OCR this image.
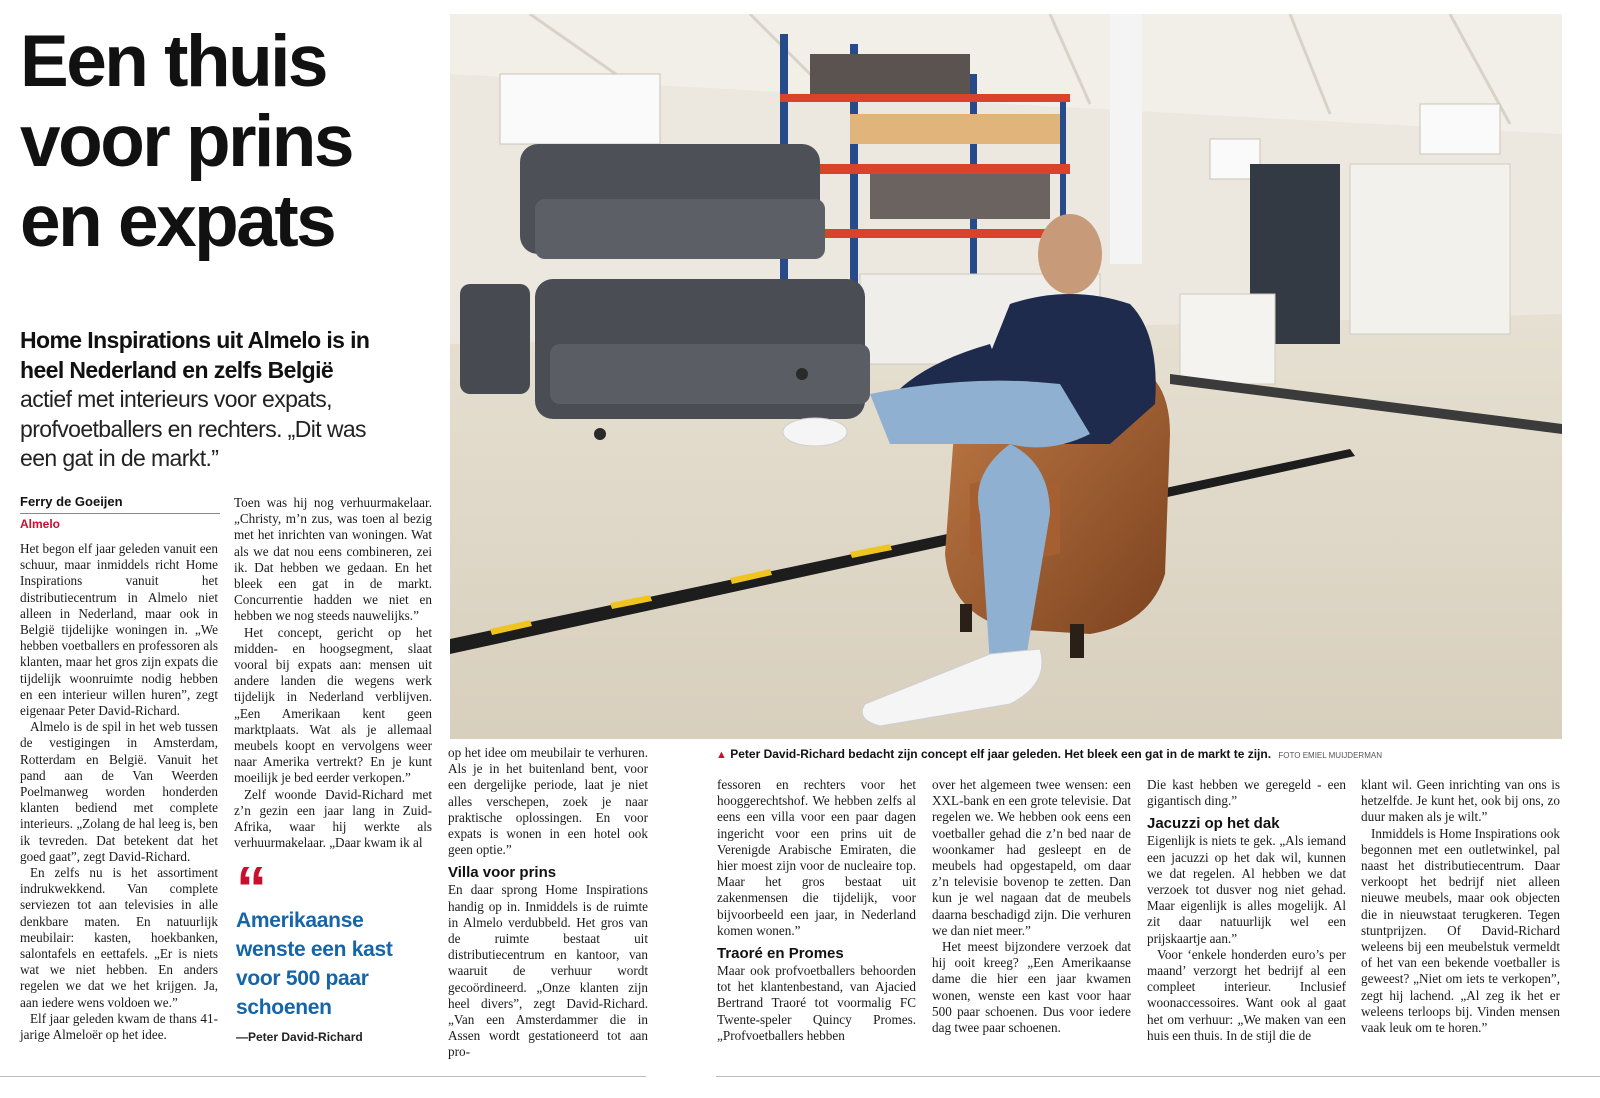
Een thuis
voor prins
en expats
Home Inspirations uit Almelo is in
heel Nederland en zelfs België
actief met interieurs voor expats,
profvoetballers en rechters. „Dit was
een gat in de markt.”
Ferry de Goeijen
Almelo

Het begon elf jaar geleden vanuit een schuur, maar inmiddels richt Home Inspirations vanuit het distributiecentrum in Almelo niet alleen in Nederland, maar ook in België tijdelijke woningen in. „We hebben voetballers en professoren als klanten, maar het gros zijn expats die tijdelijk woonruimte nodig hebben en een interieur willen huren”, zegt eigenaar Peter David-Richard.

Almelo is de spil in het web tussen de vestigingen in Amsterdam, Rotterdam en België. Vanuit het pand aan de Van Weerden Poelmanweg worden honderden klanten bediend met complete interieurs. „Zolang de hal leeg is, ben ik tevreden. Dat betekent dat het goed gaat”, zegt David-Richard.

En zelfs nu is het assortiment indrukwekkend. Van complete serviezen tot aan televisies in alle denkbare maten. En natuurlijk meubilair: kasten, hoekbanken, salontafels en eettafels. „Er is niets wat we niet hebben. En anders regelen we dat we het krijgen. Ja, aan iedere wens voldoen we.”

Elf jaar geleden kwam de thans 41-jarige Almeloër op het idee.

Toen was hij nog verhuurmakelaar. „Christy, m’n zus, was toen al bezig met het inrichten van woningen. Wat als we dat nou eens combineren, zei ik. Dat hebben we gedaan. En het bleek een gat in de markt. Concurrentie hadden we niet en hebben we nog steeds nauwelijks.”

Het concept, gericht op het midden- en hoogsegment, slaat vooral bij expats aan: mensen uit andere landen die wegens werk tijdelijk in Nederland verblijven. „Een Amerikaan kent geen marktplaats. Wat als je allemaal meubels koopt en vervolgens weer naar Amerika vertrekt? En je kunt moeilijk je bed eerder verkopen.”

Zelf woonde David-Richard met z’n gezin een jaar lang in Zuid-Afrika, waar hij werkte als verhuurmakelaar. „Daar kwam ik al

“
Amerikaanse wenste een kast voor 500 paar schoenen
—Peter David-Richard
▲ Peter David-Richard bedacht zijn concept elf jaar geleden. Het bleek een gat in de markt te zijn. FOTO EMIEL MUIJDERMAN

op het idee om meubilair te verhuren. Als je in het buitenland bent, voor een dergelijke periode, laat je niet alles verschepen, zoek je naar praktische oplossingen. En voor expats is wonen in een hotel ook geen optie.”

Villa voor prins

En daar sprong Home Inspirations handig op in. Inmiddels is de ruimte in Almelo verdubbeld. Het gros van de ruimte bestaat uit distributiecentrum en kantoor, van waaruit de verhuur wordt gecoördineerd. „Onze klanten zijn heel divers”, zegt David-Richard. „Van een Amsterdammer die in Assen wordt gestationeerd tot aan pro-

fessoren en rechters voor het hooggerechtshof. We hebben zelfs al eens een villa voor een paar dagen ingericht voor een prins uit de Verenigde Arabische Emiraten, die hier moest zijn voor de nucleaire top. Maar het gros bestaat uit zakenmensen die tijdelijk, voor bijvoorbeeld een jaar, in Nederland komen wonen.”

Traoré en Promes

Maar ook profvoetballers behoorden tot het klantenbestand, van Ajacied Bertrand Traoré tot voormalig FC Twente-speler Quincy Promes. „Profvoetballers hebben

over het algemeen twee wensen: een XXL-bank en een grote televisie. Dat regelen we. We hebben ook eens een voetballer gehad die z’n bed naar de woonkamer had gesleept en de meubels had opgestapeld, om daar z’n televisie bovenop te zetten. Dan kun je wel nagaan dat de meubels daarna beschadigd zijn. Die verhuren we dan niet meer.”

Het meest bijzondere verzoek dat hij ooit kreeg? „Een Amerikaanse dame die hier een jaar kwamen wonen, wenste een kast voor haar 500 paar schoenen. Dus voor iedere dag twee paar schoenen.

Die kast hebben we geregeld - een gigantisch ding.”

Jacuzzi op het dak

Eigenlijk is niets te gek. „Als iemand een jacuzzi op het dak wil, kunnen we dat regelen. Al hebben we dat verzoek tot dusver nog niet gehad. Maar eigenlijk is alles mogelijk. Al zit daar natuurlijk wel een prijskaartje aan.”

Voor ‘enkele honderden euro’s per maand’ verzorgt het bedrijf al een compleet interieur. Inclusief woonaccessoires. Want ook al gaat het om verhuur: „We maken van een huis een thuis. In de stijl die de

klant wil. Geen inrichting van ons is hetzelfde. Je kunt het, ook bij ons, zo duur maken als je wilt.”

Inmiddels is Home Inspirations ook begonnen met een outletwinkel, pal naast het distributiecentrum. Daar verkoopt het bedrijf niet alleen nieuwe meubels, maar ook objecten die in nieuwstaat terugkeren. Tegen stuntprijzen. Of David-Richard weleens bij een meubelstuk vermeldt of het van een bekende voetballer is geweest? „Niet om iets te verkopen”, zegt hij lachend. „Al zeg ik het er weleens terloops bij. Vinden mensen vaak leuk om te horen.”
